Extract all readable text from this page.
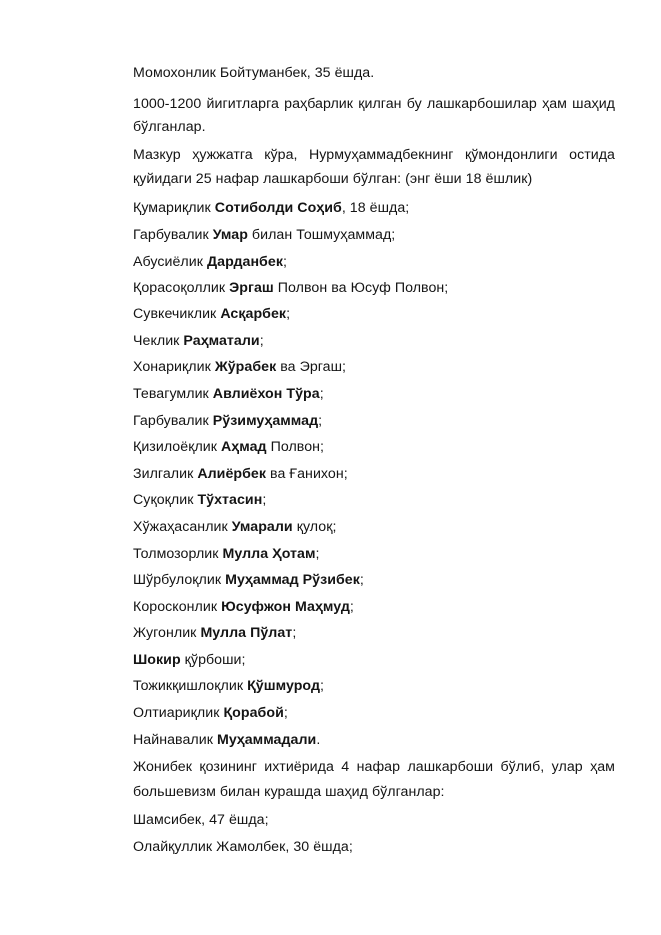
Момохонлик Бойтуманбек, 35 ёшда.
1000-1200 йигитларга раҳбарлик қилган бу лашкарбошилар ҳам шаҳид
бўлганлар.
Мазкур ҳужжатга кўра, Нурмуҳаммадбекнинг қўмондонлиги остида
қуйидаги 25 нафар лашкарбоши бўлган: (энг ёши 18 ёшлик)
Қумариқлик Сотиболди Соҳиб, 18 ёшда;
Гарбувалик Умар билан Тошмуҳаммад;
Абусиёлик Дарданбек;
Қорасоқоллик Эргаш Полвон ва Юсуф Полвон;
Сувкечиклик Асқарбек;
Чеклик Раҳматали;
Хонариқлик Жўрабек ва Эргаш;
Тевагумлик Авлиёхон Тўра;
Гарбувалик Рўзимуҳаммад;
Қизилоёқлик Аҳмад Полвон;
Зилгалик Алиёрбек ва Ғанихон;
Суқоқлик Тўхтасин;
Хўжаҳасанлик Умарали қулоқ;
Толмозорлик Мулла Ҳотам;
Шўрбулоқлик Муҳаммад Рўзибек;
Коросконлик Юсуфжон Маҳмуд;
Жугонлик Мулла Пўлат;
Шокир қўрбоши;
Тожикқишлоқлик Қўшмурод;
Олтиариқлик Қорабой;
Найнавалик Муҳаммадали.
Жонибек қозининг ихтиёрида 4 нафар лашкарбоши бўлиб, улар ҳам
большевизм билан курашда шаҳид бўлганлар:
Шамсибек, 47 ёшда;
Олайқуллик Жамолбек, 30 ёшда;
